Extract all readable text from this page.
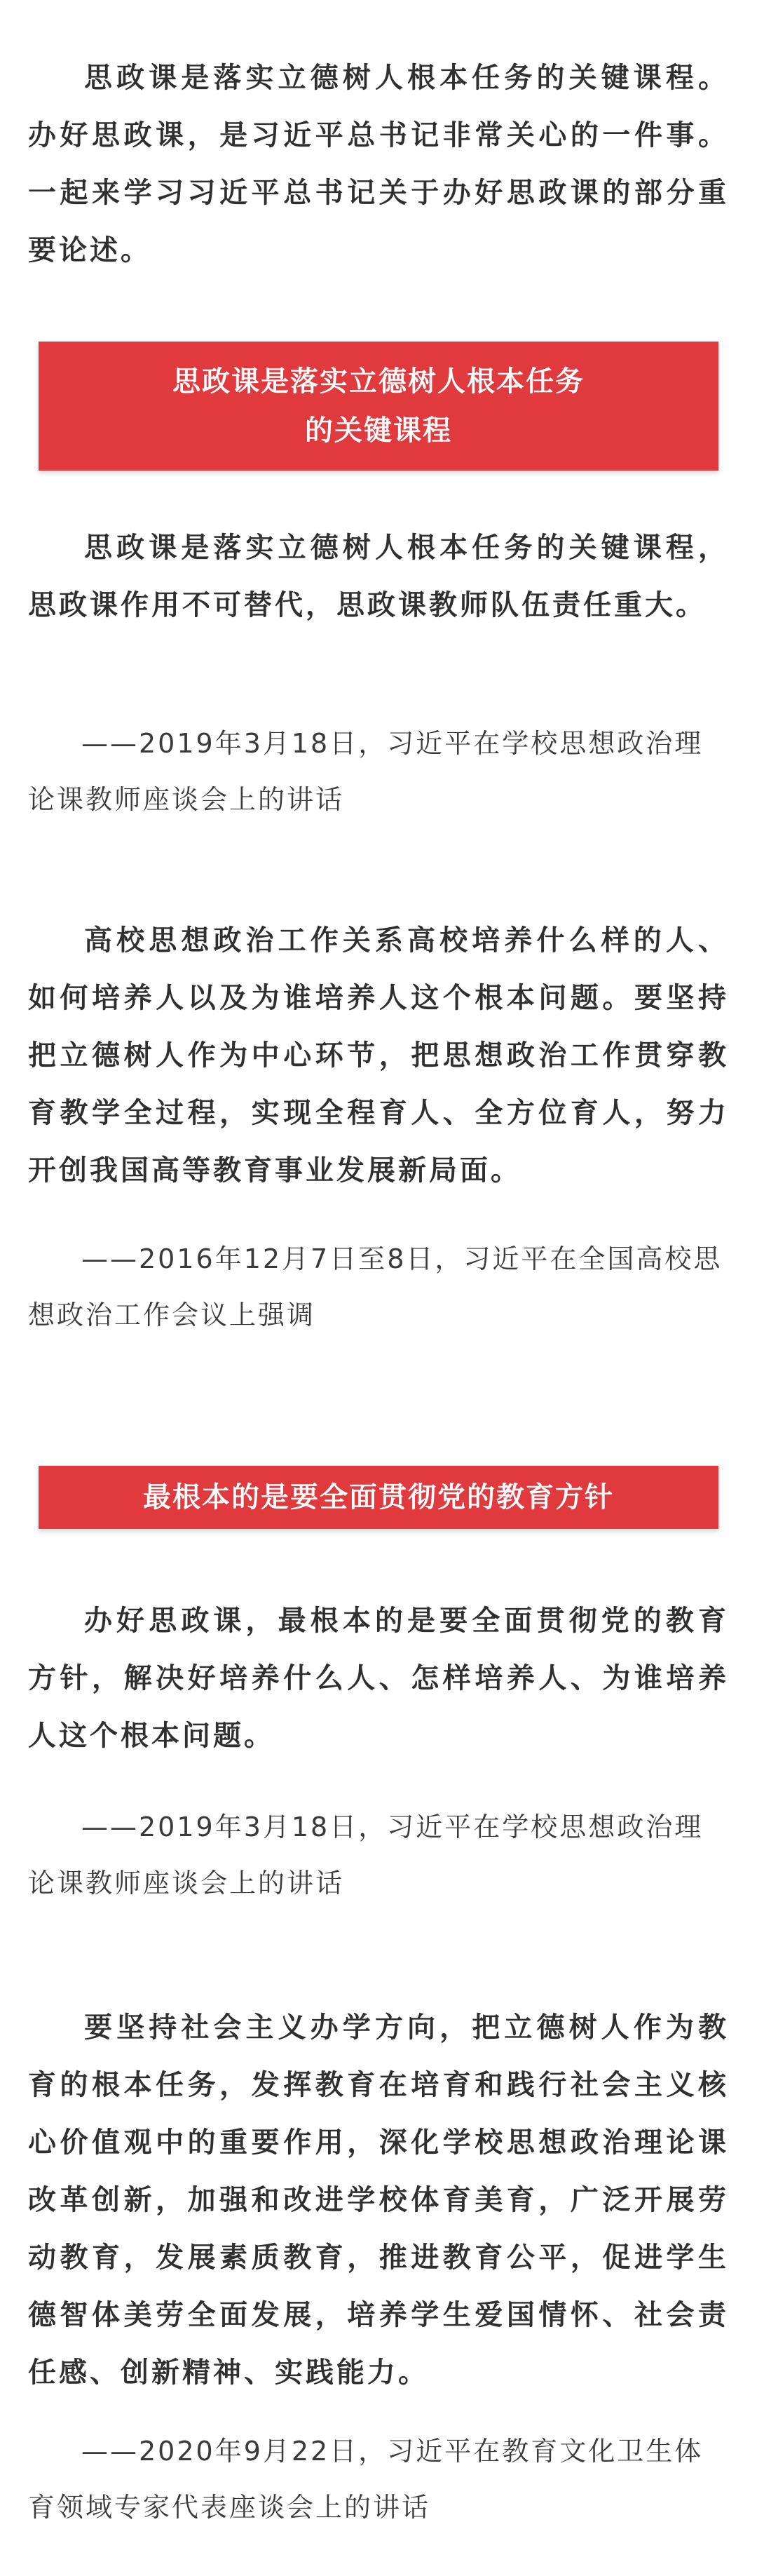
思政课是落实立德树人根本任务的关键课程。办好思政课，是习近平总书记非常关心的一件事。一起来学习习近平总书记关于办好思政课的部分重要论述。

思政课是落实立德树人根本任务
的关键课程

思政课是落实立德树人根本任务的关键课程，思政课作用不可替代，思政课教师队伍责任重大。

——2019年3月18日，习近平在学校思想政治理论课教师座谈会上的讲话

高校思想政治工作关系高校培养什么样的人、如何培养人以及为谁培养人这个根本问题。要坚持把立德树人作为中心环节，把思想政治工作贯穿教育教学全过程，实现全程育人、全方位育人，努力开创我国高等教育事业发展新局面。

——2016年12月7日至8日，习近平在全国高校思想政治工作会议上强调

最根本的是要全面贯彻党的教育方针

办好思政课，最根本的是要全面贯彻党的教育方针，解决好培养什么人、怎样培养人、为谁培养人这个根本问题。

——2019年3月18日，习近平在学校思想政治理论课教师座谈会上的讲话

要坚持社会主义办学方向，把立德树人作为教育的根本任务，发挥教育在培育和践行社会主义核心价值观中的重要作用，深化学校思想政治理论课改革创新，加强和改进学校体育美育，广泛开展劳动教育，发展素质教育，推进教育公平，促进学生德智体美劳全面发展，培养学生爱国情怀、社会责任感、创新精神、实践能力。

——2020年9月22日，习近平在教育文化卫生体育领域专家代表座谈会上的讲话
